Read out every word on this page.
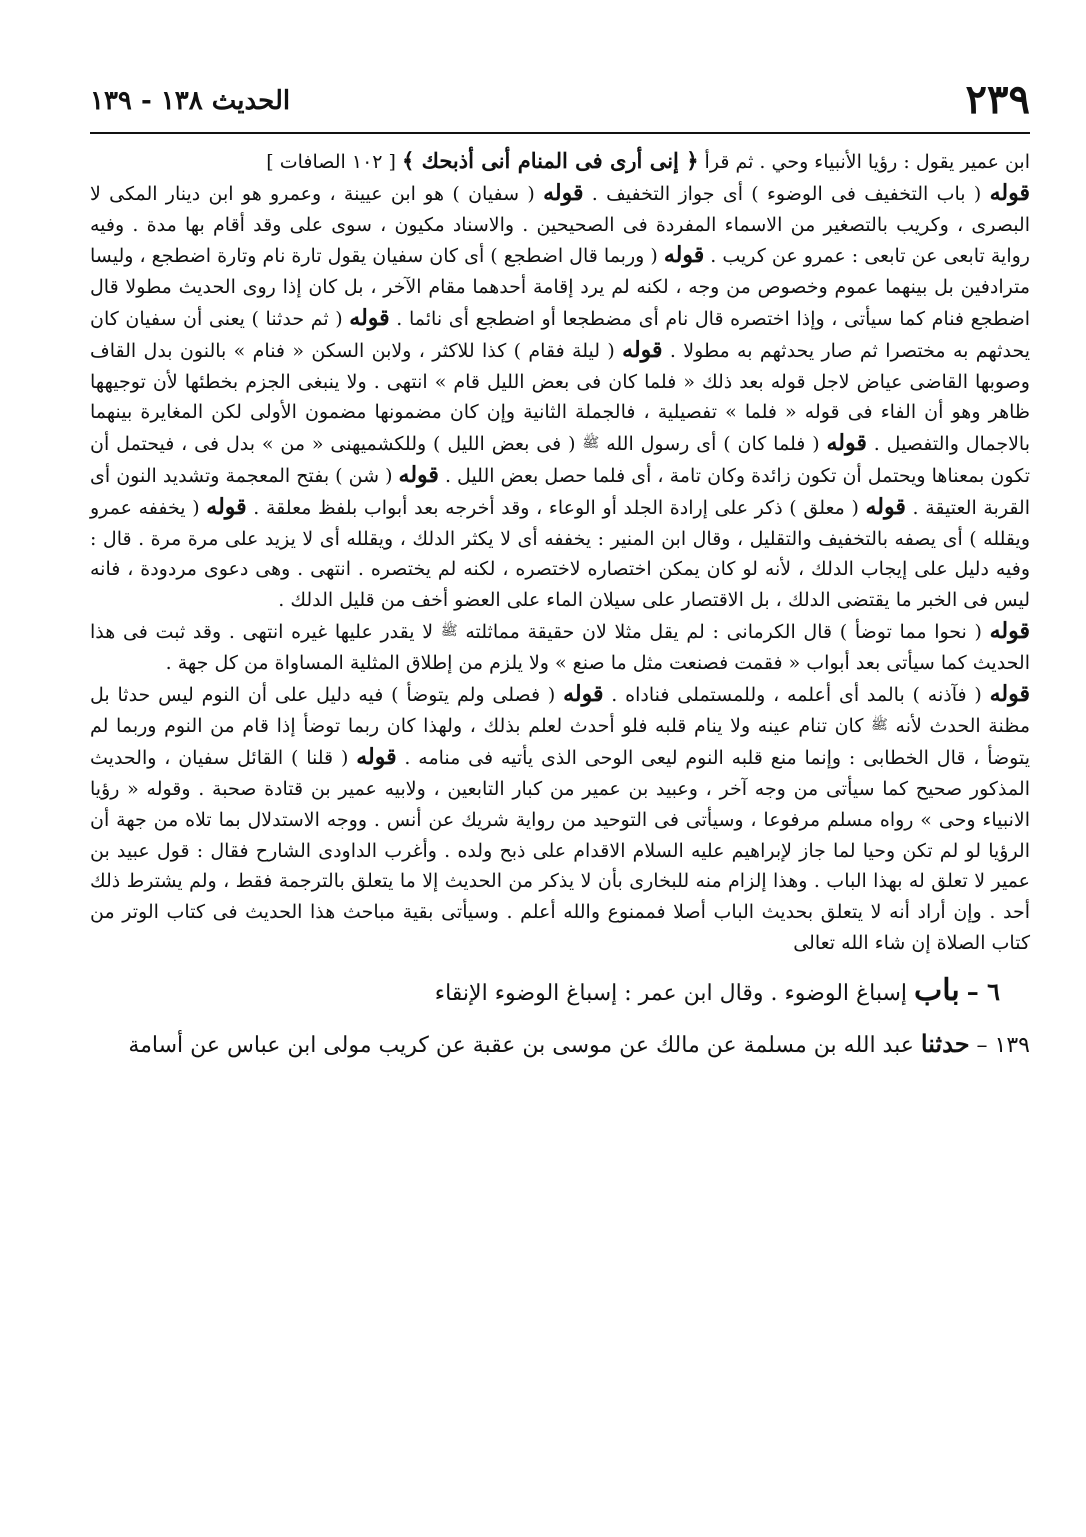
٢٣٩
الحديث ١٣٨ - ١٣٩

ابن عمير يقول : رؤيا الأنبياء وحي . ثم قرأ ﴿ إنى أرى فى المنام أنى أذبحك ﴾ [ ١٠٢ الصافات ]

قوله ( باب التخفيف فى الوضوء ) أى جواز التخفيف . قوله ( سفيان ) هو ابن عيينة ، وعمرو هو ابن دينار المكى لا البصرى ، وكريب بالتصغير من الاسماء المفردة فى الصحيحين . والاسناد مكيون ، سوى على وقد أقام بها مدة . وفيه رواية تابعى عن تابعى : عمرو عن كريب . قوله ( وربما قال اضطجع ) أى كان سفيان يقول تارة نام وتارة اضطجع ، وليسا مترادفين بل بينهما عموم وخصوص من وجه ، لكنه لم يرد إقامة أحدهما مقام الآخر ، بل كان إذا روى الحديث مطولا قال اضطجع فنام كما سيأتى ، وإذا اختصره قال نام أى مضطجعا أو اضطجع أى نائما . قوله ( ثم حدثنا ) يعنى أن سفيان كان يحدثهم به مختصرا ثم صار يحدثهم به مطولا . قوله ( ليلة فقام ) كذا للاكثر ، ولابن السكن « فنام » بالنون بدل القاف وصوبها القاضى عياض لاجل قوله بعد ذلك « فلما كان فى بعض الليل قام » انتهى . ولا ينبغى الجزم بخطئها لأن توجيهها ظاهر وهو أن الفاء فى قوله « فلما » تفصيلية ، فالجملة الثانية وإن كان مضمونها مضمون الأولى لكن المغايرة بينهما بالاجمال والتفصيل . قوله ( فلما كان ) أى رسول الله ﷺ ( فى بعض الليل ) وللكشميهنى « من » بدل فى ، فيحتمل أن تكون بمعناها ويحتمل أن تكون زائدة وكان تامة ، أى فلما حصل بعض الليل . قوله ( شن ) بفتح المعجمة وتشديد النون أى القربة العتيقة . قوله ( معلق ) ذكر على إرادة الجلد أو الوعاء ، وقد أخرجه بعد أبواب بلفظ معلقة . قوله ( يخففه عمرو ويقلله ) أى يصفه بالتخفيف والتقليل ، وقال ابن المنير : يخففه أى لا يكثر الدلك ، ويقلله أى لا يزيد على مرة مرة . قال : وفيه دليل على إيجاب الدلك ، لأنه لو كان يمكن اختصاره لاختصره ، لكنه لم يختصره . انتهى . وهى دعوى مردودة ، فانه ليس فى الخبر ما يقتضى الدلك ، بل الاقتصار على سيلان الماء على العضو أخف من قليل الدلك .

قوله ( نحوا مما توضأ ) قال الكرمانى : لم يقل مثلا لان حقيقة مماثلته ﷺ لا يقدر عليها غيره انتهى . وقد ثبت فى هذا الحديث كما سيأتى بعد أبواب « فقمت فصنعت مثل ما صنع » ولا يلزم من إطلاق المثلية المساواة من كل جهة .

قوله ( فآذنه ) بالمد أى أعلمه ، وللمستملى فناداه . قوله ( فصلى ولم يتوضأ ) فيه دليل على أن النوم ليس حدثا بل مظنة الحدث لأنه ﷺ كان تنام عينه ولا ينام قلبه فلو أحدث لعلم بذلك ، ولهذا كان ربما توضأ إذا قام من النوم وربما لم يتوضأ ، قال الخطابى : وإنما منع قلبه النوم ليعى الوحى الذى يأتيه فى منامه . قوله ( قلنا ) القائل سفيان ، والحديث المذكور صحيح كما سيأتى من وجه آخر ، وعبيد بن عمير من كبار التابعين ، ولابيه عمير بن قتادة صحبة . وقوله « رؤيا الانبياء وحى » رواه مسلم مرفوعا ، وسيأتى فى التوحيد من رواية شريك عن أنس . ووجه الاستدلال بما تلاه من جهة أن الرؤيا لو لم تكن وحيا لما جاز لإبراهيم عليه السلام الاقدام على ذبح ولده . وأغرب الداودى الشارح فقال : قول عبيد بن عمير لا تعلق له بهذا الباب . وهذا إلزام منه للبخارى بأن لا يذكر من الحديث إلا ما يتعلق بالترجمة فقط ، ولم يشترط ذلك أحد . وإن أراد أنه لا يتعلق بحديث الباب أصلا فممنوع والله أعلم . وسيأتى بقية مباحث هذا الحديث فى كتاب الوتر من كتاب الصلاة إن شاء الله تعالى

٦ – باب إسباغ الوضوء . وقال ابن عمر : إسباغ الوضوء الإنقاء
١٣٩ – حدثنا عبد الله بن مسلمة عن مالك عن موسى بن عقبة عن كريب مولى ابن عباس عن أسامة
